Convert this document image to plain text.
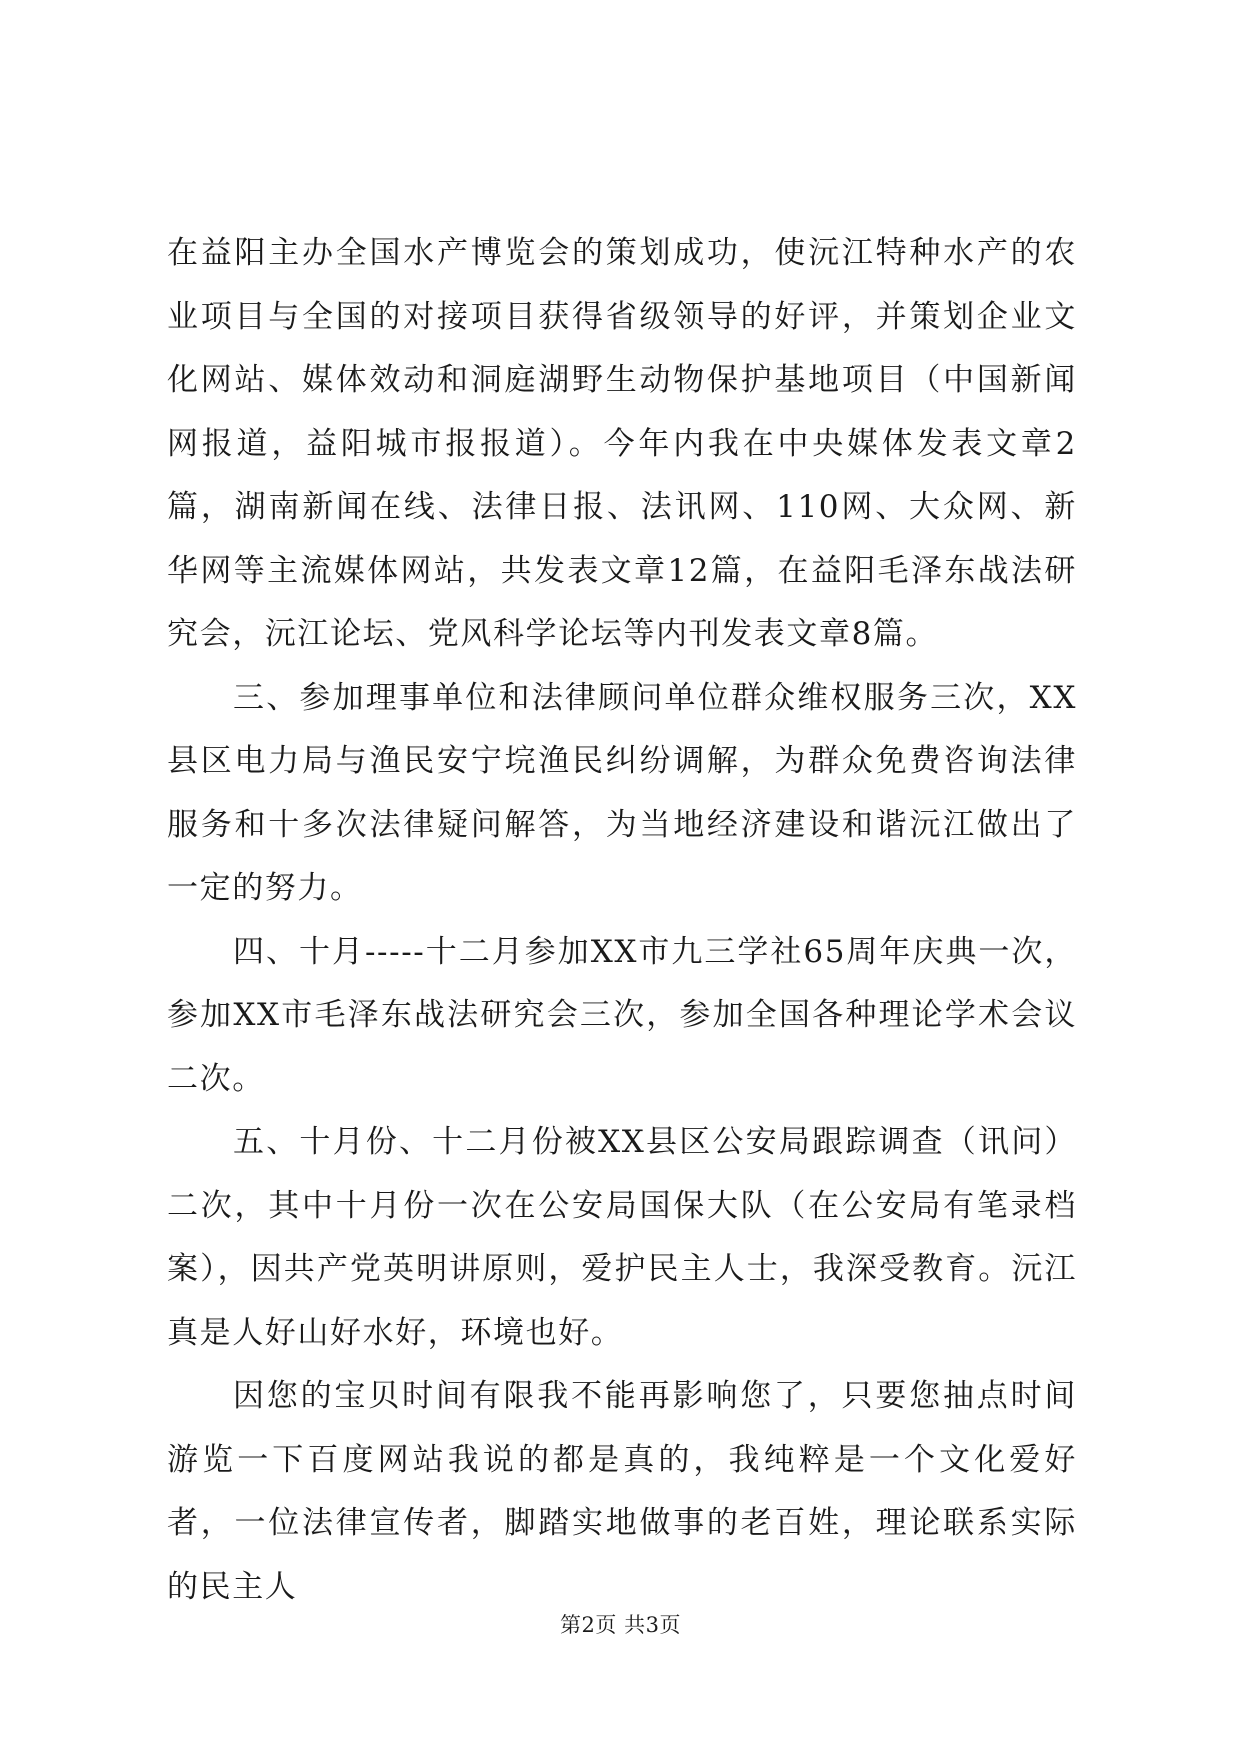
在益阳主办全国水产博览会的策划成功，使沅江特种水产的农业项目与全国的对接项目获得省级领导的好评，并策划企业文化网站、媒体效动和洞庭湖野生动物保护基地项目（中国新闻网报道，益阳城市报报道）。今年内我在中央媒体发表文章2篇，湖南新闻在线、法律日报、法讯网、110网、大众网、新华网等主流媒体网站，共发表文章12篇，在益阳毛泽东战法研究会，沅江论坛、党风科学论坛等内刊发表文章8篇。

三、参加理事单位和法律顾问单位群众维权服务三次，XX县区电力局与渔民安宁垸渔民纠纷调解，为群众免费咨询法律服务和十多次法律疑问解答，为当地经济建设和谐沅江做出了一定的努力。

四、十月-----十二月参加XX市九三学社65周年庆典一次，参加XX市毛泽东战法研究会三次，参加全国各种理论学术会议二次。

五、十月份、十二月份被XX县区公安局跟踪调查（讯问）二次，其中十月份一次在公安局国保大队（在公安局有笔录档案），因共产党英明讲原则，爱护民主人士，我深受教育。沅江真是人好山好水好，环境也好。

因您的宝贝时间有限我不能再影响您了，只要您抽点时间游览一下百度网站我说的都是真的，我纯粹是一个文化爱好者，一位法律宣传者，脚踏实地做事的老百姓，理论联系实际的民主人

第2页 共3页
